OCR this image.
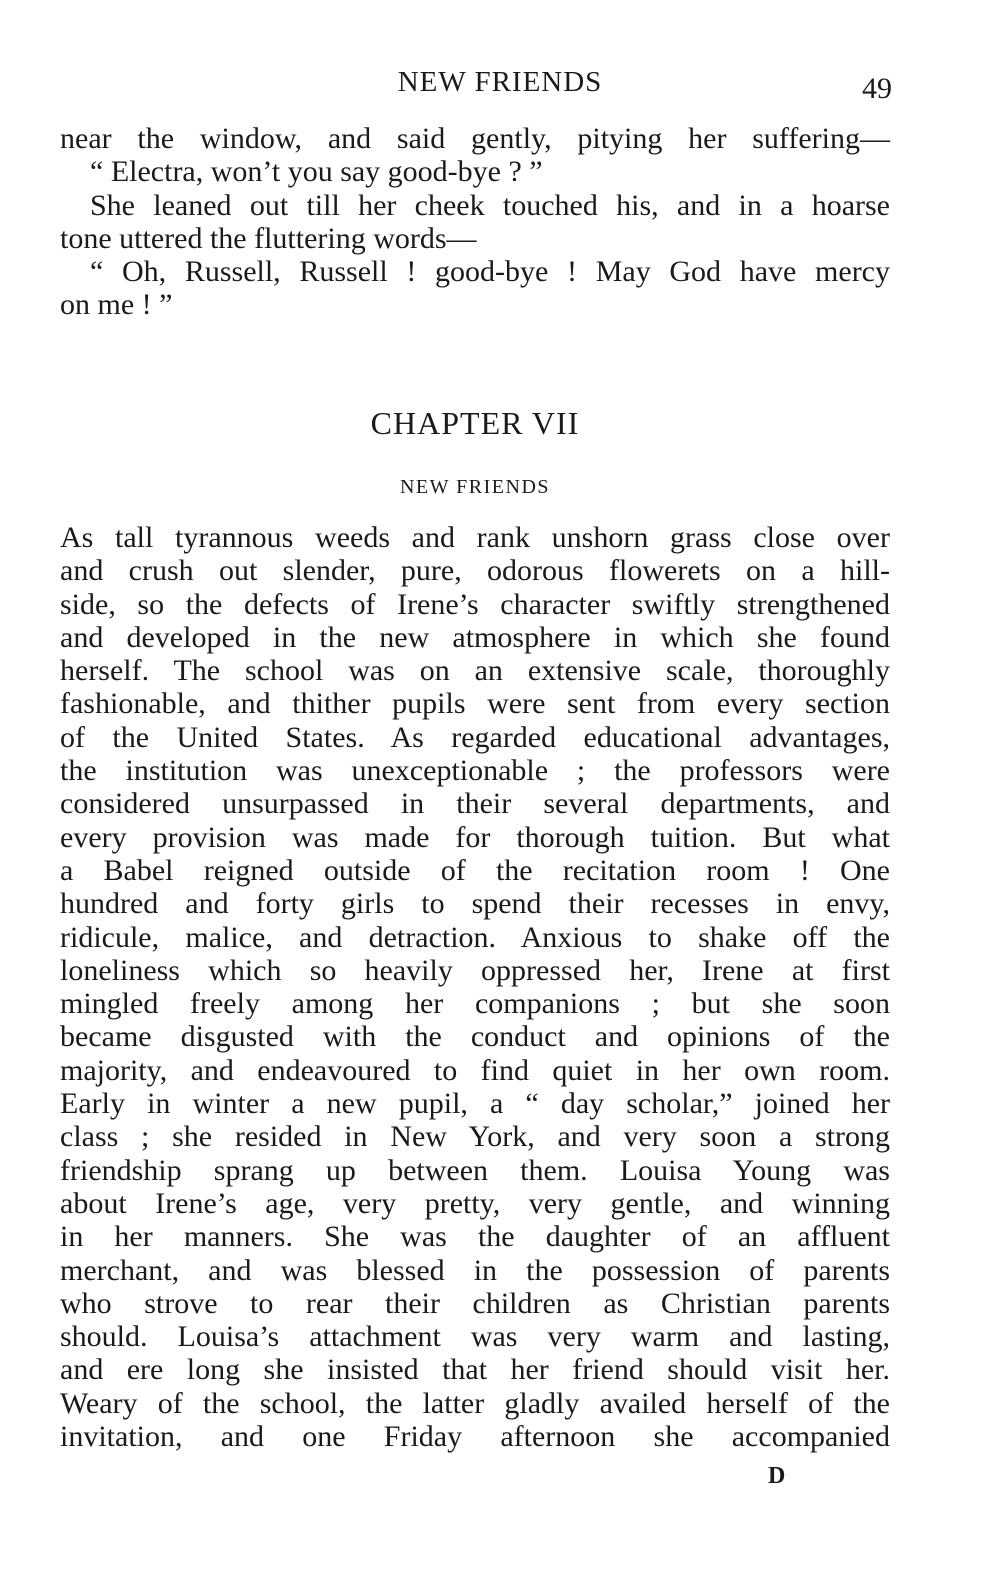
NEW FRIENDS	49
near the window, and said gently, pitying her suffering—
“ Electra, won’t you say good-bye ? ”
She leaned out till her cheek touched his, and in a hoarse
tone uttered the fluttering words—
“ Oh, Russell, Russell ! good-bye ! May God have mercy
on me ! ”
CHAPTER VII
NEW FRIENDS
As tall tyrannous weeds and rank unshorn grass close over
and crush out slender, pure, odorous flowerets on a hill-
side, so the defects of Irene’s character swiftly strengthened
and developed in the new atmosphere in which she found
herself. The school was on an extensive scale, thoroughly
fashionable, and thither pupils were sent from every section
of the United States. As regarded educational advantages,
the institution was unexceptionable ; the professors were
considered unsurpassed in their several departments, and
every provision was made for thorough tuition. But what
a Babel reigned outside of the recitation room ! One
hundred and forty girls to spend their recesses in envy,
ridicule, malice, and detraction. Anxious to shake off the
loneliness which so heavily oppressed her, Irene at first
mingled freely among her companions ; but she soon
became disgusted with the conduct and opinions of the
majority, and endeavoured to find quiet in her own room.
Early in winter a new pupil, a “ day scholar,” joined her
class ; she resided in New York, and very soon a strong
friendship sprang up between them. Louisa Young was
about Irene’s age, very pretty, very gentle, and winning
in her manners. She was the daughter of an affluent
merchant, and was blessed in the possession of parents
who strove to rear their children as Christian parents
should. Louisa’s attachment was very warm and lasting,
and ere long she insisted that her friend should visit her.
Weary of the school, the latter gladly availed herself of the
invitation, and one Friday afternoon she accompanied
D
